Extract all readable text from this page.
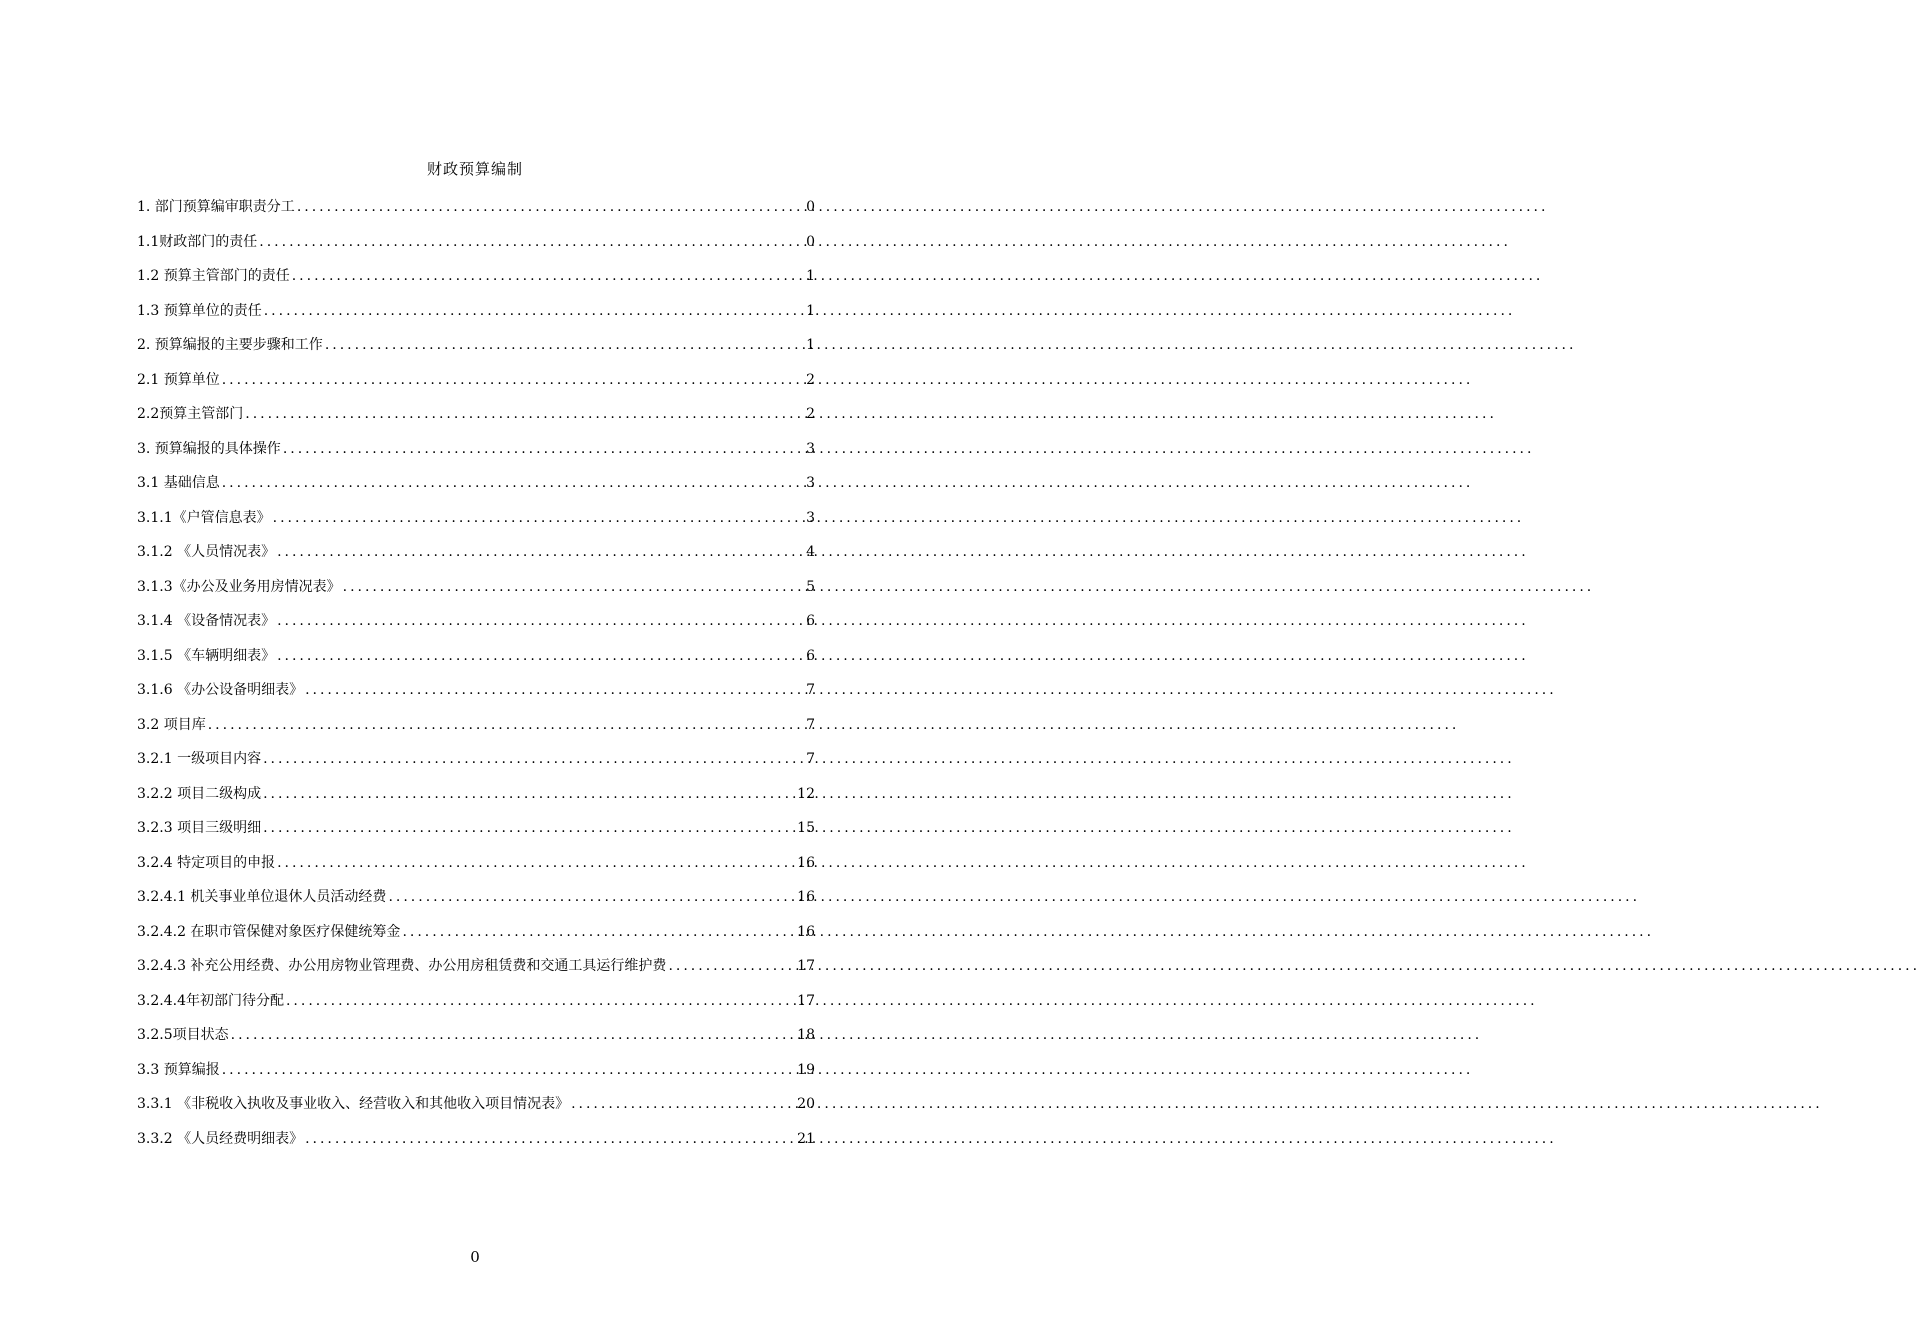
财政预算编制
1. 部门预算编审职责分工 .....	0
1.1财政部门的责任 .....	0
1.2 预算主管部门的责任 .....	1
1.3 预算单位的责任 .....	1
2. 预算编报的主要步骤和工作 .....	1
2.1 预算单位 .....	2
2.2预算主管部门 .....	2
3. 预算编报的具体操作 .....	3
3.1 基础信息 .....	3
3.1.1《户管信息表》 .....	3
3.1.2 《人员情况表》 .....	4
3.1.3《办公及业务用房情况表》 .....	5
3.1.4 《设备情况表》 .....	6
3.1.5 《车辆明细表》 .....	6
3.1.6 《办公设备明细表》 .....	7
3.2 项目库 .....	7
3.2.1 一级项目内容 .....	7
3.2.2 项目二级构成 .....	12
3.2.3 项目三级明细 .....	15
3.2.4 特定项目的申报 .....	16
3.2.4.1 机关事业单位退休人员活动经费 .....	16
3.2.4.2 在职市管保健对象医疗保健统筹金 .....	16
3.2.4.3 补充公用经费、办公用房物业管理费、办公用房租赁费和交通工具运行维护费 .....	17
3.2.4.4年初部门待分配 .....	17
3.2.5项目状态 .....	18
3.3 预算编报 .....	19
3.3.1 《非税收入执收及事业收入、经营收入和其他收入项目情况表》 .....	20
3.3.2 《人员经费明细表》 .....	21
0
